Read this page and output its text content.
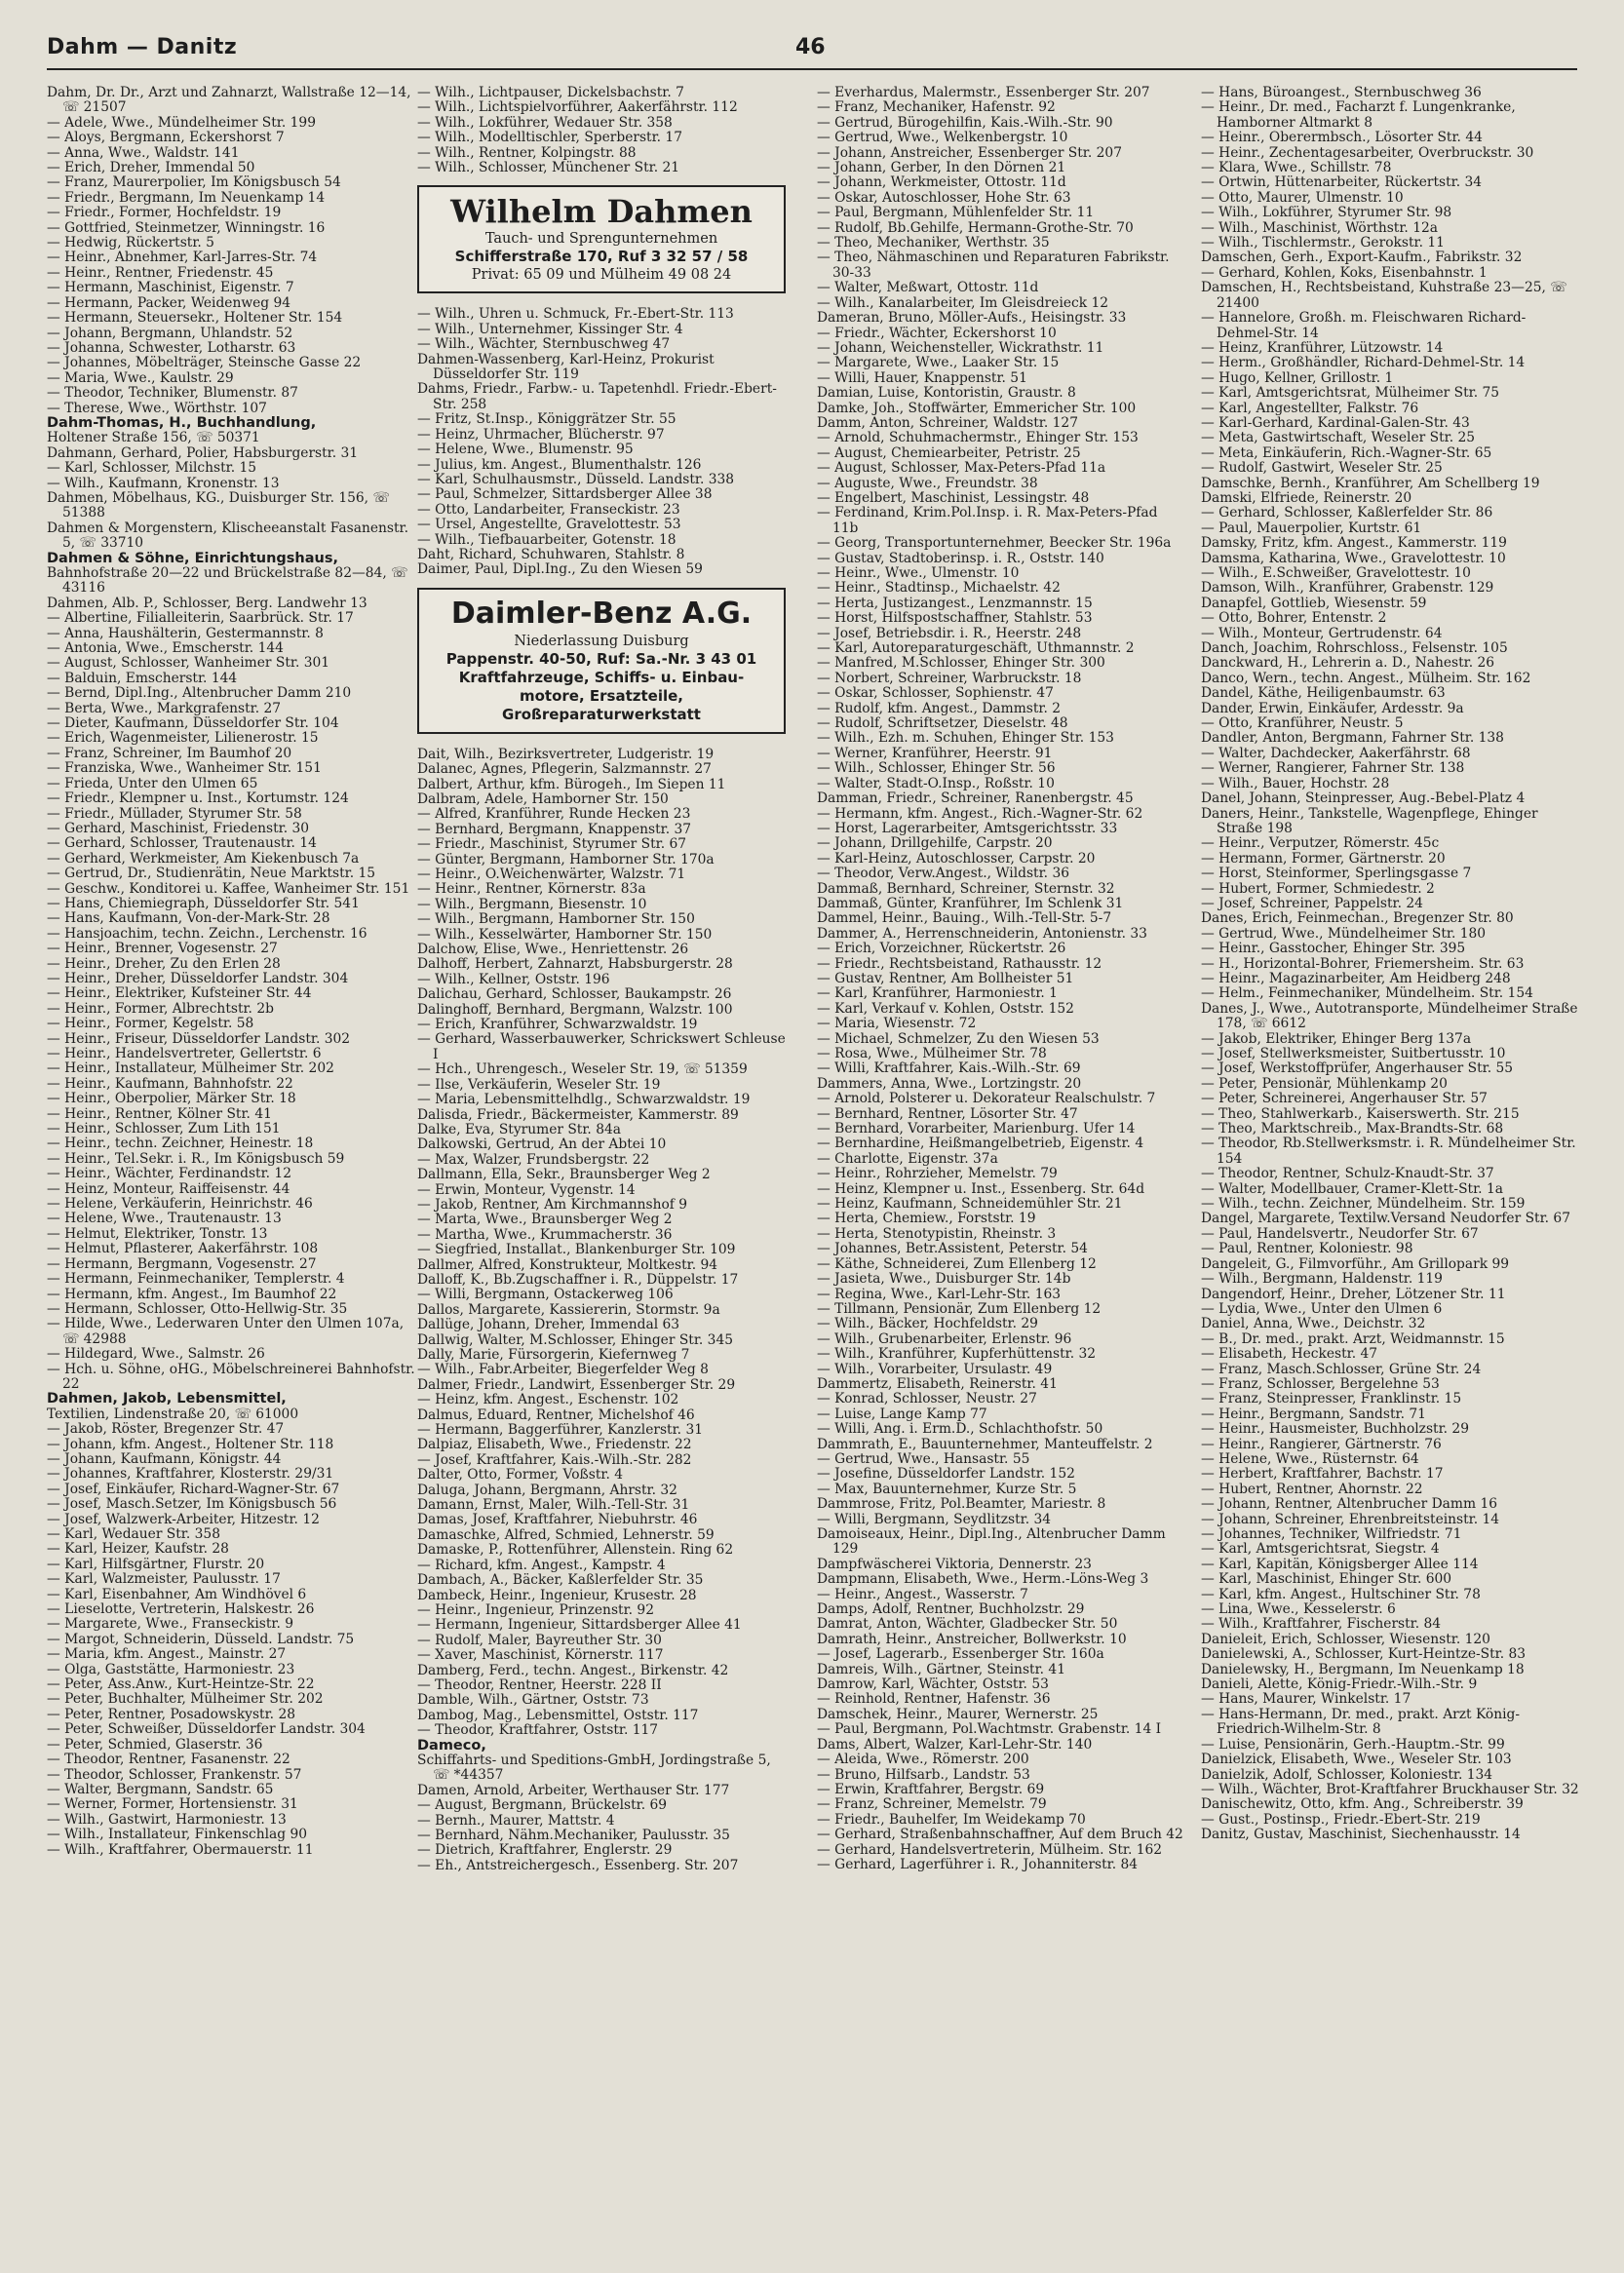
Dahm — Danitz	46
Dahm, Dr. Dr., Arzt und Zahnarzt, Wallstraße 12—14, ☏ 21507
— Adele, Wwe., Mündelheimer Str. 199
— Aloys, Bergmann, Eckershorst 7
— Anna, Wwe., Waldstr. 141
— Erich, Dreher, Immendal 50
— Franz, Maurerpolier, Im Königsbusch 54
— Friedr., Bergmann, Im Neuenkamp 14
— Friedr., Former, Hochfeldstr. 19
— Gottfried, Steinmetzer, Winningstr. 16
— Hedwig, Rückertstr. 5
— Heinr., Abnehmer, Karl-Jarres-Str. 74
— Heinr., Rentner, Friedenstr. 45
— Hermann, Maschinist, Eigenstr. 7
— Hermann, Packer, Weidenweg 94
— Hermann, Steuersekr., Holtener Str. 154
— Johann, Bergmann, Uhlandstr. 52
— Johanna, Schwester, Lotharstr. 63
— Johannes, Möbelträger, Steinsche Gasse 22
— Maria, Wwe., Kaulstr. 29
— Theodor, Techniker, Blumenstr. 87
— Therese, Wwe., Wörthstr. 107
Dahm-Thomas, H., Buchhandlung,
Holtener Straße 156, ☏ 50371
Dahmann, Gerhard, Polier, Habsburgerstr. 31
— Karl, Schlosser, Milchstr. 15
— Wilh., Kaufmann, Kronenstr. 13
Dahmen, Möbelhaus, KG., Duisburger Str. 156, ☏ 51388
Dahmen & Morgenstern, Klischeeanstalt Fasanenstr. 5, ☏ 33710
Dahmen & Söhne, Einrichtungshaus,
Bahnhofstraße 20—22 und Brückelstraße 82—84, ☏ 43116
Dahmen, Alb. P., Schlosser, Berg. Landwehr 13
— Albertine, Filialleiterin, Saarbrück. Str. 17
— Anna, Haushälterin, Gestermannstr. 8
— Antonia, Wwe., Emscherstr. 144
— August, Schlosser, Wanheimer Str. 301
— Balduin, Emscherstr. 144
— Bernd, Dipl.Ing., Altenbrucher Damm 210
— Berta, Wwe., Markgrafenstr. 27
— Dieter, Kaufmann, Düsseldorfer Str. 104
— Erich, Wagenmeister, Lilienerostr. 15
— Franz, Schreiner, Im Baumhof 20
— Franziska, Wwe., Wanheimer Str. 151
— Frieda, Unter den Ulmen 65
— Friedr., Klempner u. Inst., Kortumstr. 124
— Friedr., Müllader, Styrumer Str. 58
— Gerhard, Maschinist, Friedenstr. 30
— Gerhard, Schlosser, Trautenaustr. 14
— Gerhard, Werkmeister, Am Kiekenbusch 7a
— Gertrud, Dr., Studienrätin, Neue Marktstr. 15
— Geschw., Konditorei u. Kaffee, Wanheimer Str. 151
— Hans, Chiemiegraph, Düsseldorfer Str. 541
— Hans, Kaufmann, Von-der-Mark-Str. 28
— Hansjoachim, techn. Zeichn., Lerchenstr. 16
— Heinr., Brenner, Vogesenstr. 27
— Heinr., Dreher, Zu den Erlen 28
— Heinr., Dreher, Düsseldorfer Landstr. 304
— Heinr., Elektriker, Kufsteiner Str. 44
— Heinr., Former, Albrechtstr. 2b
— Heinr., Former, Kegelstr. 58
— Heinr., Friseur, Düsseldorfer Landstr. 302
— Heinr., Handelsvertreter, Gellertstr. 6
— Heinr., Installateur, Mülheimer Str. 202
— Heinr., Kaufmann, Bahnhofstr. 22
— Heinr., Oberpolier, Märker Str. 18
— Heinr., Rentner, Kölner Str. 41
— Heinr., Schlosser, Zum Lith 151
— Heinr., techn. Zeichner, Heinestr. 18
— Heinr., Tel.Sekr. i. R., Im Königsbusch 59
— Heinr., Wächter, Ferdinandstr. 12
— Heinz, Monteur, Raiffeisenstr. 44
— Helene, Verkäuferin, Heinrichstr. 46
— Helene, Wwe., Trautenaustr. 13
— Helmut, Elektriker, Tonstr. 13
— Helmut, Pflasterer, Aakerfährstr. 108
— Hermann, Bergmann, Vogesenstr. 27
— Hermann, Feinmechaniker, Templerstr. 4
— Hermann, kfm. Angest., Im Baumhof 22
— Hermann, Schlosser, Otto-Hellwig-Str. 35
— Hilde, Wwe., Lederwaren Unter den Ulmen 107a, ☏ 42988
— Hildegard, Wwe., Salmstr. 26
— Hch. u. Söhne, oHG., Möbelschreinerei Bahnhofstr. 22
Dahmen, Jakob, Lebensmittel,
Textilien, Lindenstraße 20, ☏ 61000
— Jakob, Röster, Bregenzer Str. 47
— Johann, kfm. Angest., Holtener Str. 118
— Johann, Kaufmann, Königstr. 44
— Johannes, Kraftfahrer, Klosterstr. 29/31
— Josef, Einkäufer, Richard-Wagner-Str. 67
— Josef, Masch.Setzer, Im Königsbusch 56
— Josef, Walzwerk-Arbeiter, Hitzestr. 12
— Karl, Wedauer Str. 358
— Karl, Heizer, Kaufstr. 28
— Karl, Hilfsgärtner, Flurstr. 20
— Karl, Walzmeister, Paulusstr. 17
— Karl, Eisenbahner, Am Windhövel 6
— Lieselotte, Vertreterin, Halskestr. 26
— Margarete, Wwe., Franseckistr. 9
— Margot, Schneiderin, Düsseld. Landstr. 75
— Maria, kfm. Angest., Mainstr. 27
— Olga, Gaststätte, Harmoniestr. 23
— Peter, Ass.Anw., Kurt-Heintze-Str. 22
— Peter, Buchhalter, Mülheimer Str. 202
— Peter, Rentner, Posadowskystr. 28
— Peter, Schweißer, Düsseldorfer Landstr. 304
— Peter, Schmied, Glaserstr. 36
— Theodor, Rentner, Fasanenstr. 22
— Theodor, Schlosser, Frankenstr. 57
— Walter, Bergmann, Sandstr. 65
— Werner, Former, Hortensienstr. 31
— Wilh., Gastwirt, Harmoniestr. 13
— Wilh., Installateur, Finkenschlag 90
— Wilh., Kraftfahrer, Obermauerstr. 11
— Wilh., Lichtpauser, Dickelsbachstr. 7
— Wilh., Lichtspielvorführer, Aakerfährstr. 112
— Wilh., Lokführer, Wedauer Str. 358
— Wilh., Modelltischler, Sperberstr. 17
— Wilh., Rentner, Kolpingstr. 88
— Wilh., Schlosser, Münchener Str. 21
Wilhelm Dahmen
Tauch- und Sprengunternehmen
Schifferstraße 170, Ruf 3 32 57 / 58
Privat: 65 09 und Mülheim 49 08 24
— Wilh., Uhren u. Schmuck, Fr.-Ebert-Str. 113
— Wilh., Unternehmer, Kissinger Str. 4
— Wilh., Wächter, Sternbuschweg 47
Dahmen-Wassenberg, Karl-Heinz, Prokurist Düsseldorfer Str. 119
Dahms, Friedr., Farbw.- u. Tapetenhdl. Friedr.-Ebert-Str. 258
— Fritz, St.Insp., Königgrätzer Str. 55
— Heinz, Uhrmacher, Blücherstr. 97
— Helene, Wwe., Blumenstr. 95
— Julius, km. Angest., Blumenthalstr. 126
— Karl, Schulhausmstr., Düsseld. Landstr. 338
— Paul, Schmelzer, Sittardsberger Allee 38
— Otto, Landarbeiter, Franseckistr. 23
— Ursel, Angestellte, Gravelottestr. 53
— Wilh., Tiefbauarbeiter, Gotenstr. 18
Daht, Richard, Schuhwaren, Stahlstr. 8
Daimer, Paul, Dipl.Ing., Zu den Wiesen 59
Daimler-Benz A.G.
Niederlassung Duisburg
Pappenstr. 40-50, Ruf: Sa.-Nr. 3 43 01
Kraftfahrzeuge, Schiffs- u. Einbau-
motore, Ersatzteile,
Großreparaturwerkstatt
Dait, Wilh., Bezirksvertreter, Ludgeristr. 19
Dalanec, Agnes, Pflegerin, Salzmannstr. 27
Dalbert, Arthur, kfm. Bürogeh., Im Siepen 11
Dalbram, Adele, Hamborner Str. 150
— Alfred, Kranführer, Runde Hecken 23
— Bernhard, Bergmann, Knappenstr. 37
— Friedr., Maschinist, Styrumer Str. 67
— Günter, Bergmann, Hamborner Str. 170a
— Heinr., O.Weichenwärter, Walzstr. 71
— Heinr., Rentner, Körnerstr. 83a
— Wilh., Bergmann, Biesenstr. 10
— Wilh., Bergmann, Hamborner Str. 150
— Wilh., Kesselwärter, Hamborner Str. 150
Dalchow, Elise, Wwe., Henriettenstr. 26
Dalhoff, Herbert, Zahnarzt, Habsburgerstr. 28
— Wilh., Kellner, Oststr. 196
Dalichau, Gerhard, Schlosser, Baukampstr. 26
Dalinghoff, Bernhard, Bergmann, Walzstr. 100
— Erich, Kranführer, Schwarzwaldstr. 19
— Gerhard, Wasserbauwerker, Schrickswert Schleuse I
— Hch., Uhrengesch., Weseler Str. 19, ☏ 51359
— Ilse, Verkäuferin, Weseler Str. 19
— Maria, Lebensmittelhdlg., Schwarzwaldstr. 19
Dalisda, Friedr., Bäckermeister, Kammerstr. 89
Dalke, Eva, Styrumer Str. 84a
Dalkowski, Gertrud, An der Abtei 10
— Max, Walzer, Frundsbergstr. 22
Dallmann, Ella, Sekr., Braunsberger Weg 2
— Erwin, Monteur, Vygenstr. 14
— Jakob, Rentner, Am Kirchmannshof 9
— Marta, Wwe., Braunsberger Weg 2
— Martha, Wwe., Krummacherstr. 36
— Siegfried, Installat., Blankenburger Str. 109
Dallmer, Alfred, Konstrukteur, Moltkestr. 94
Dalloff, K., Bb.Zugschaffner i. R., Düppelstr. 17
— Willi, Bergmann, Ostackerweg 106
Dallos, Margarete, Kassiererin, Stormstr. 9a
Dallüge, Johann, Dreher, Immendal 63
Dallwig, Walter, M.Schlosser, Ehinger Str. 345
Dally, Marie, Fürsorgerin, Kiefernweg 7
— Wilh., Fabr.Arbeiter, Biegerfelder Weg 8
Dalmer, Friedr., Landwirt, Essenberger Str. 29
— Heinz, kfm. Angest., Eschenstr. 102
Dalmus, Eduard, Rentner, Michelshof 46
— Hermann, Baggerführer, Kanzlerstr. 31
Dalpiaz, Elisabeth, Wwe., Friedenstr. 22
— Josef, Kraftfahrer, Kais.-Wilh.-Str. 282
Dalter, Otto, Former, Voßstr. 4
Daluga, Johann, Bergmann, Ahrstr. 32
Damann, Ernst, Maler, Wilh.-Tell-Str. 31
Damas, Josef, Kraftfahrer, Niebuhrstr. 46
Damaschke, Alfred, Schmied, Lehnerstr. 59
Damaske, P., Rottenführer, Allenstein. Ring 62
— Richard, kfm. Angest., Kampstr. 4
Dambach, A., Bäcker, Kaßlerfelder Str. 35
Dambeck, Heinr., Ingenieur, Krusestr. 28
— Heinr., Ingenieur, Prinzenstr. 92
— Hermann, Ingenieur, Sittardsberger Allee 41
— Rudolf, Maler, Bayreuther Str. 30
— Xaver, Maschinist, Körnerstr. 117
Damberg, Ferd., techn. Angest., Birkenstr. 42
— Theodor, Rentner, Heerstr. 228 II
Damble, Wilh., Gärtner, Oststr. 73
Dambog, Mag., Lebensmittel, Oststr. 117
— Theodor, Kraftfahrer, Oststr. 117
Dameco,
Schiffahrts- und Speditions-GmbH, Jordingstraße 5, ☏ *44357
Damen, Arnold, Arbeiter, Werthauser Str. 177
— August, Bergmann, Brückelstr. 69
— Bernh., Maurer, Mattstr. 4
— Bernhard, Nähm.Mechaniker, Paulusstr. 35
— Dietrich, Kraftfahrer, Englerstr. 29
— Eh., Antstreichergesch., Essenberg. Str. 207
— Everhardus, Malermstr., Essenberger Str. 207
— Franz, Mechaniker, Hafenstr. 92
— Gertrud, Bürogehilfin, Kais.-Wilh.-Str. 90
— Gertrud, Wwe., Welkenbergstr. 10
— Johann, Anstreicher, Essenberger Str. 207
— Johann, Gerber, In den Dörnen 21
— Johann, Werkmeister, Ottostr. 11d
— Oskar, Autoschlosser, Hohe Str. 63
— Paul, Bergmann, Mühlenfelder Str. 11
— Rudolf, Bb.Gehilfe, Hermann-Grothe-Str. 70
— Theo, Mechaniker, Werthstr. 35
— Theo, Nähmaschinen und Reparaturen Fabrikstr. 30-33
— Walter, Meßwart, Ottostr. 11d
— Wilh., Kanalarbeiter, Im Gleisdreieck 12
Dameran, Bruno, Möller-Aufs., Heisingstr. 33
— Friedr., Wächter, Eckershorst 10
— Johann, Weichensteller, Wickrathstr. 11
— Margarete, Wwe., Laaker Str. 15
— Willi, Hauer, Knappenstr. 51
Damian, Luise, Kontoristin, Graustr. 8
Damke, Joh., Stoffwärter, Emmericher Str. 100
Damm, Anton, Schreiner, Waldstr. 127
— Arnold, Schuhmachermstr., Ehinger Str. 153
— August, Chemiearbeiter, Petristr. 25
— August, Schlosser, Max-Peters-Pfad 11a
— Auguste, Wwe., Freundstr. 38
— Engelbert, Maschinist, Lessingstr. 48
— Ferdinand, Krim.Pol.Insp. i. R. Max-Peters-Pfad 11b
— Georg, Transportunternehmer, Beecker Str. 196a
— Gustav, Stadtoberinsp. i. R., Oststr. 140
— Heinr., Wwe., Ulmenstr. 10
— Heinr., Stadtinsp., Michaelstr. 42
— Herta, Justizangest., Lenzmannstr. 15
— Horst, Hilfspostschaffner, Stahlstr. 53
— Josef, Betriebsdir. i. R., Heerstr. 248
— Karl, Autoreparaturgeschäft, Uthmannstr. 2
— Manfred, M.Schlosser, Ehinger Str. 300
— Norbert, Schreiner, Warbruckstr. 18
— Oskar, Schlosser, Sophienstr. 47
— Rudolf, kfm. Angest., Dammstr. 2
— Rudolf, Schriftsetzer, Dieselstr. 48
— Wilh., Ezh. m. Schuhen, Ehinger Str. 153
— Werner, Kranführer, Heerstr. 91
— Wilh., Schlosser, Ehinger Str. 56
— Walter, Stadt-O.Insp., Roßstr. 10
Damman, Friedr., Schreiner, Ranenbergstr. 45
— Hermann, kfm. Angest., Rich.-Wagner-Str. 62
— Horst, Lagerarbeiter, Amtsgerichtsstr. 33
— Johann, Drillgehilfe, Carpstr. 20
— Karl-Heinz, Autoschlosser, Carpstr. 20
— Theodor, Verw.Angest., Wildstr. 36
Dammaß, Bernhard, Schreiner, Sternstr. 32
Dammaß, Günter, Kranführer, Im Schlenk 31
Dammel, Heinr., Bauing., Wilh.-Tell-Str. 5-7
Dammer, A., Herrenschneiderin, Antonienstr. 33
— Erich, Vorzeichner, Rückertstr. 26
— Friedr., Rechtsbeistand, Rathausstr. 12
— Gustav, Rentner, Am Bollheister 51
— Karl, Kranführer, Harmoniestr. 1
— Karl, Verkauf v. Kohlen, Oststr. 152
— Maria, Wiesenstr. 72
— Michael, Schmelzer, Zu den Wiesen 53
— Rosa, Wwe., Mülheimer Str. 78
— Willi, Kraftfahrer, Kais.-Wilh.-Str. 69
Dammers, Anna, Wwe., Lortzingstr. 20
— Arnold, Polsterer u. Dekorateur Realschulstr. 7
— Bernhard, Rentner, Lösorter Str. 47
— Bernhard, Vorarbeiter, Marienburg. Ufer 14
— Bernhardine, Heißmangelbetrieb, Eigenstr. 4
— Charlotte, Eigenstr. 37a
— Heinr., Rohrzieher, Memelstr. 79
— Heinz, Klempner u. Inst., Essenberg. Str. 64d
— Heinz, Kaufmann, Schneidemühler Str. 21
— Herta, Chemiew., Forststr. 19
— Herta, Stenotypistin, Rheinstr. 3
— Johannes, Betr.Assistent, Peterstr. 54
— Käthe, Schneiderei, Zum Ellenberg 12
— Jasieta, Wwe., Duisburger Str. 14b
— Regina, Wwe., Karl-Lehr-Str. 163
— Tillmann, Pensionär, Zum Ellenberg 12
— Wilh., Bäcker, Hochfeldstr. 29
— Wilh., Grubenarbeiter, Erlenstr. 96
— Wilh., Kranführer, Kupferhüttenstr. 32
— Wilh., Vorarbeiter, Ursulastr. 49
Dammertz, Elisabeth, Reinerstr. 41
— Konrad, Schlosser, Neustr. 27
— Luise, Lange Kamp 77
— Willi, Ang. i. Erm.D., Schlachthofstr. 50
Dammrath, E., Bauunternehmer, Manteuffelstr. 2
— Gertrud, Wwe., Hansastr. 55
— Josefine, Düsseldorfer Landstr. 152
— Max, Bauunternehmer, Kurze Str. 5
Dammrose, Fritz, Pol.Beamter, Mariestr. 8
— Willi, Bergmann, Seydlitzstr. 34
Damoiseaux, Heinr., Dipl.Ing., Altenbrucher Damm 129
Dampfwäscherei Viktoria, Dennerstr. 23
Dampmann, Elisabeth, Wwe., Herm.-Löns-Weg 3
— Heinr., Angest., Wasserstr. 7
Damps, Adolf, Rentner, Buchholzstr. 29
Damrat, Anton, Wächter, Gladbecker Str. 50
Damrath, Heinr., Anstreicher, Bollwerkstr. 10
— Josef, Lagerarb., Essenberger Str. 160a
Damreis, Wilh., Gärtner, Steinstr. 41
Damrow, Karl, Wächter, Oststr. 53
— Reinhold, Rentner, Hafenstr. 36
Damschek, Heinr., Maurer, Wernerstr. 25
— Paul, Bergmann, Pol.Wachtmstr. Grabenstr. 14 I
Dams, Albert, Walzer, Karl-Lehr-Str. 140
— Aleida, Wwe., Römerstr. 200
— Bruno, Hilfsarb., Landstr. 53
— Erwin, Kraftfahrer, Bergstr. 69
— Franz, Schreiner, Memelstr. 79
— Friedr., Bauhelfer, Im Weidekamp 70
— Gerhard, Straßenbahnschaffner, Auf dem Bruch 42
— Gerhard, Handelsvertreterin, Mülheim. Str. 162
— Gerhard, Lagerführer i. R., Johanniterstr. 84
— Hans, Büroangest., Sternbuschweg 36
— Heinr., Dr. med., Facharzt f. Lungenkranke, Hamborner Altmarkt 8
— Heinr., Oberermbsch., Lösorter Str. 44
— Heinr., Zechentagesarbeiter, Overbruckstr. 30
— Klara, Wwe., Schillstr. 78
— Ortwin, Hüttenarbeiter, Rückertstr. 34
— Otto, Maurer, Ulmenstr. 10
— Wilh., Lokführer, Styrumer Str. 98
— Wilh., Maschinist, Wörthstr. 12a
— Wilh., Tischlermstr., Gerokstr. 11
Damschen, Gerh., Export-Kaufm., Fabrikstr. 32
— Gerhard, Kohlen, Koks, Eisenbahnstr. 1
Damschen, H., Rechtsbeistand, Kuhstraße 23—25, ☏ 21400
— Hannelore, Großh. m. Fleischwaren Richard-Dehmel-Str. 14
— Heinz, Kranführer, Lützowstr. 14
— Herm., Großhändler, Richard-Dehmel-Str. 14
— Hugo, Kellner, Grillostr. 1
— Karl, Amtsgerichtsrat, Mülheimer Str. 75
— Karl, Angestellter, Falkstr. 76
— Karl-Gerhard, Kardinal-Galen-Str. 43
— Meta, Gastwirtschaft, Weseler Str. 25
— Meta, Einkäuferin, Rich.-Wagner-Str. 65
— Rudolf, Gastwirt, Weseler Str. 25
Damschke, Bernh., Kranführer, Am Schellberg 19
Damski, Elfriede, Reinerstr. 20
— Gerhard, Schlosser, Kaßlerfelder Str. 86
— Paul, Mauerpolier, Kurtstr. 61
Damsky, Fritz, kfm. Angest., Kammerstr. 119
Damsma, Katharina, Wwe., Gravelottestr. 10
— Wilh., E.Schweißer, Gravelottestr. 10
Damson, Wilh., Kranführer, Grabenstr. 129
Danapfel, Gottlieb, Wiesenstr. 59
— Otto, Bohrer, Entenstr. 2
— Wilh., Monteur, Gertrudenstr. 64
Danch, Joachim, Rohrschloss., Felsenstr. 105
Danckward, H., Lehrerin a. D., Nahestr. 26
Danco, Wern., techn. Angest., Mülheim. Str. 162
Dandel, Käthe, Heiligenbaumstr. 63
Dander, Erwin, Einkäufer, Ardesstr. 9a
— Otto, Kranführer, Neustr. 5
Dandler, Anton, Bergmann, Fahrner Str. 138
— Walter, Dachdecker, Aakerfährstr. 68
— Werner, Rangierer, Fahrner Str. 138
— Wilh., Bauer, Hochstr. 28
Danel, Johann, Steinpresser, Aug.-Bebel-Platz 4
Daners, Heinr., Tankstelle, Wagenpflege, Ehinger Straße 198
— Heinr., Verputzer, Römerstr. 45c
— Hermann, Former, Gärtnerstr. 20
— Horst, Steinformer, Sperlingsgasse 7
— Hubert, Former, Schmiedestr. 2
— Josef, Schreiner, Pappelstr. 24
Danes, Erich, Feinmechan., Bregenzer Str. 80
— Gertrud, Wwe., Mündelheimer Str. 180
— Heinr., Gasstocher, Ehinger Str. 395
— H., Horizontal-Bohrer, Friemersheim. Str. 63
— Heinr., Magazinarbeiter, Am Heidberg 248
— Helm., Feinmechaniker, Mündelheim. Str. 154
Danes, J., Wwe., Autotransporte, Mündelheimer Straße 178, ☏ 6612
— Jakob, Elektriker, Ehinger Berg 137a
— Josef, Stellwerksmeister, Suitbertusstr. 10
— Josef, Werkstoffprüfer, Angerhauser Str. 55
— Peter, Pensionär, Mühlenkamp 20
— Peter, Schreinerei, Angerhauser Str. 57
— Theo, Stahlwerkarb., Kaiserswerth. Str. 215
— Theo, Marktschreib., Max-Brandts-Str. 68
— Theodor, Rb.Stellwerksmstr. i. R. Mündelheimer Str. 154
— Theodor, Rentner, Schulz-Knaudt-Str. 37
— Walter, Modellbauer, Cramer-Klett-Str. 1a
— Wilh., techn. Zeichner, Mündelheim. Str. 159
Dangel, Margarete, Textilw.Versand Neudorfer Str. 67
— Paul, Handelsvertr., Neudorfer Str. 67
— Paul, Rentner, Koloniestr. 98
Dangeleit, G., Filmvorführ., Am Grillopark 99
— Wilh., Bergmann, Haldenstr. 119
Dangendorf, Heinr., Dreher, Lötzener Str. 11
— Lydia, Wwe., Unter den Ulmen 6
Daniel, Anna, Wwe., Deichstr. 32
— B., Dr. med., prakt. Arzt, Weidmannstr. 15
— Elisabeth, Heckestr. 47
— Franz, Masch.Schlosser, Grüne Str. 24
— Franz, Schlosser, Bergelehne 53
— Franz, Steinpresser, Franklinstr. 15
— Heinr., Bergmann, Sandstr. 71
— Heinr., Hausmeister, Buchholzstr. 29
— Heinr., Rangierer, Gärtnerstr. 76
— Helene, Wwe., Rüsternstr. 64
— Herbert, Kraftfahrer, Bachstr. 17
— Hubert, Rentner, Ahornstr. 22
— Johann, Rentner, Altenbrucher Damm 16
— Johann, Schreiner, Ehrenbreitsteinstr. 14
— Johannes, Techniker, Wilfriedstr. 71
— Karl, Amtsgerichtsrat, Siegstr. 4
— Karl, Kapitän, Königsberger Allee 114
— Karl, Maschinist, Ehinger Str. 600
— Karl, kfm. Angest., Hultschiner Str. 78
— Lina, Wwe., Kesselerstr. 6
— Wilh., Kraftfahrer, Fischerstr. 84
Danieleit, Erich, Schlosser, Wiesenstr. 120
Danielewski, A., Schlosser, Kurt-Heintze-Str. 83
Danielewsky, H., Bergmann, Im Neuenkamp 18
Danieli, Alette, König-Friedr.-Wilh.-Str. 9
— Hans, Maurer, Winkelstr. 17
— Hans-Hermann, Dr. med., prakt. Arzt König-Friedrich-Wilhelm-Str. 8
— Luise, Pensionärin, Gerh.-Hauptm.-Str. 99
Danielzick, Elisabeth, Wwe., Weseler Str. 103
Danielzik, Adolf, Schlosser, Koloniestr. 134
— Wilh., Wächter, Brot-Kraftfahrer Bruckhauser Str. 32
Danischewitz, Otto, kfm. Ang., Schreiberstr. 39
— Gust., Postinsp., Friedr.-Ebert-Str. 219
Danitz, Gustav, Maschinist, Siechenhausstr. 14
